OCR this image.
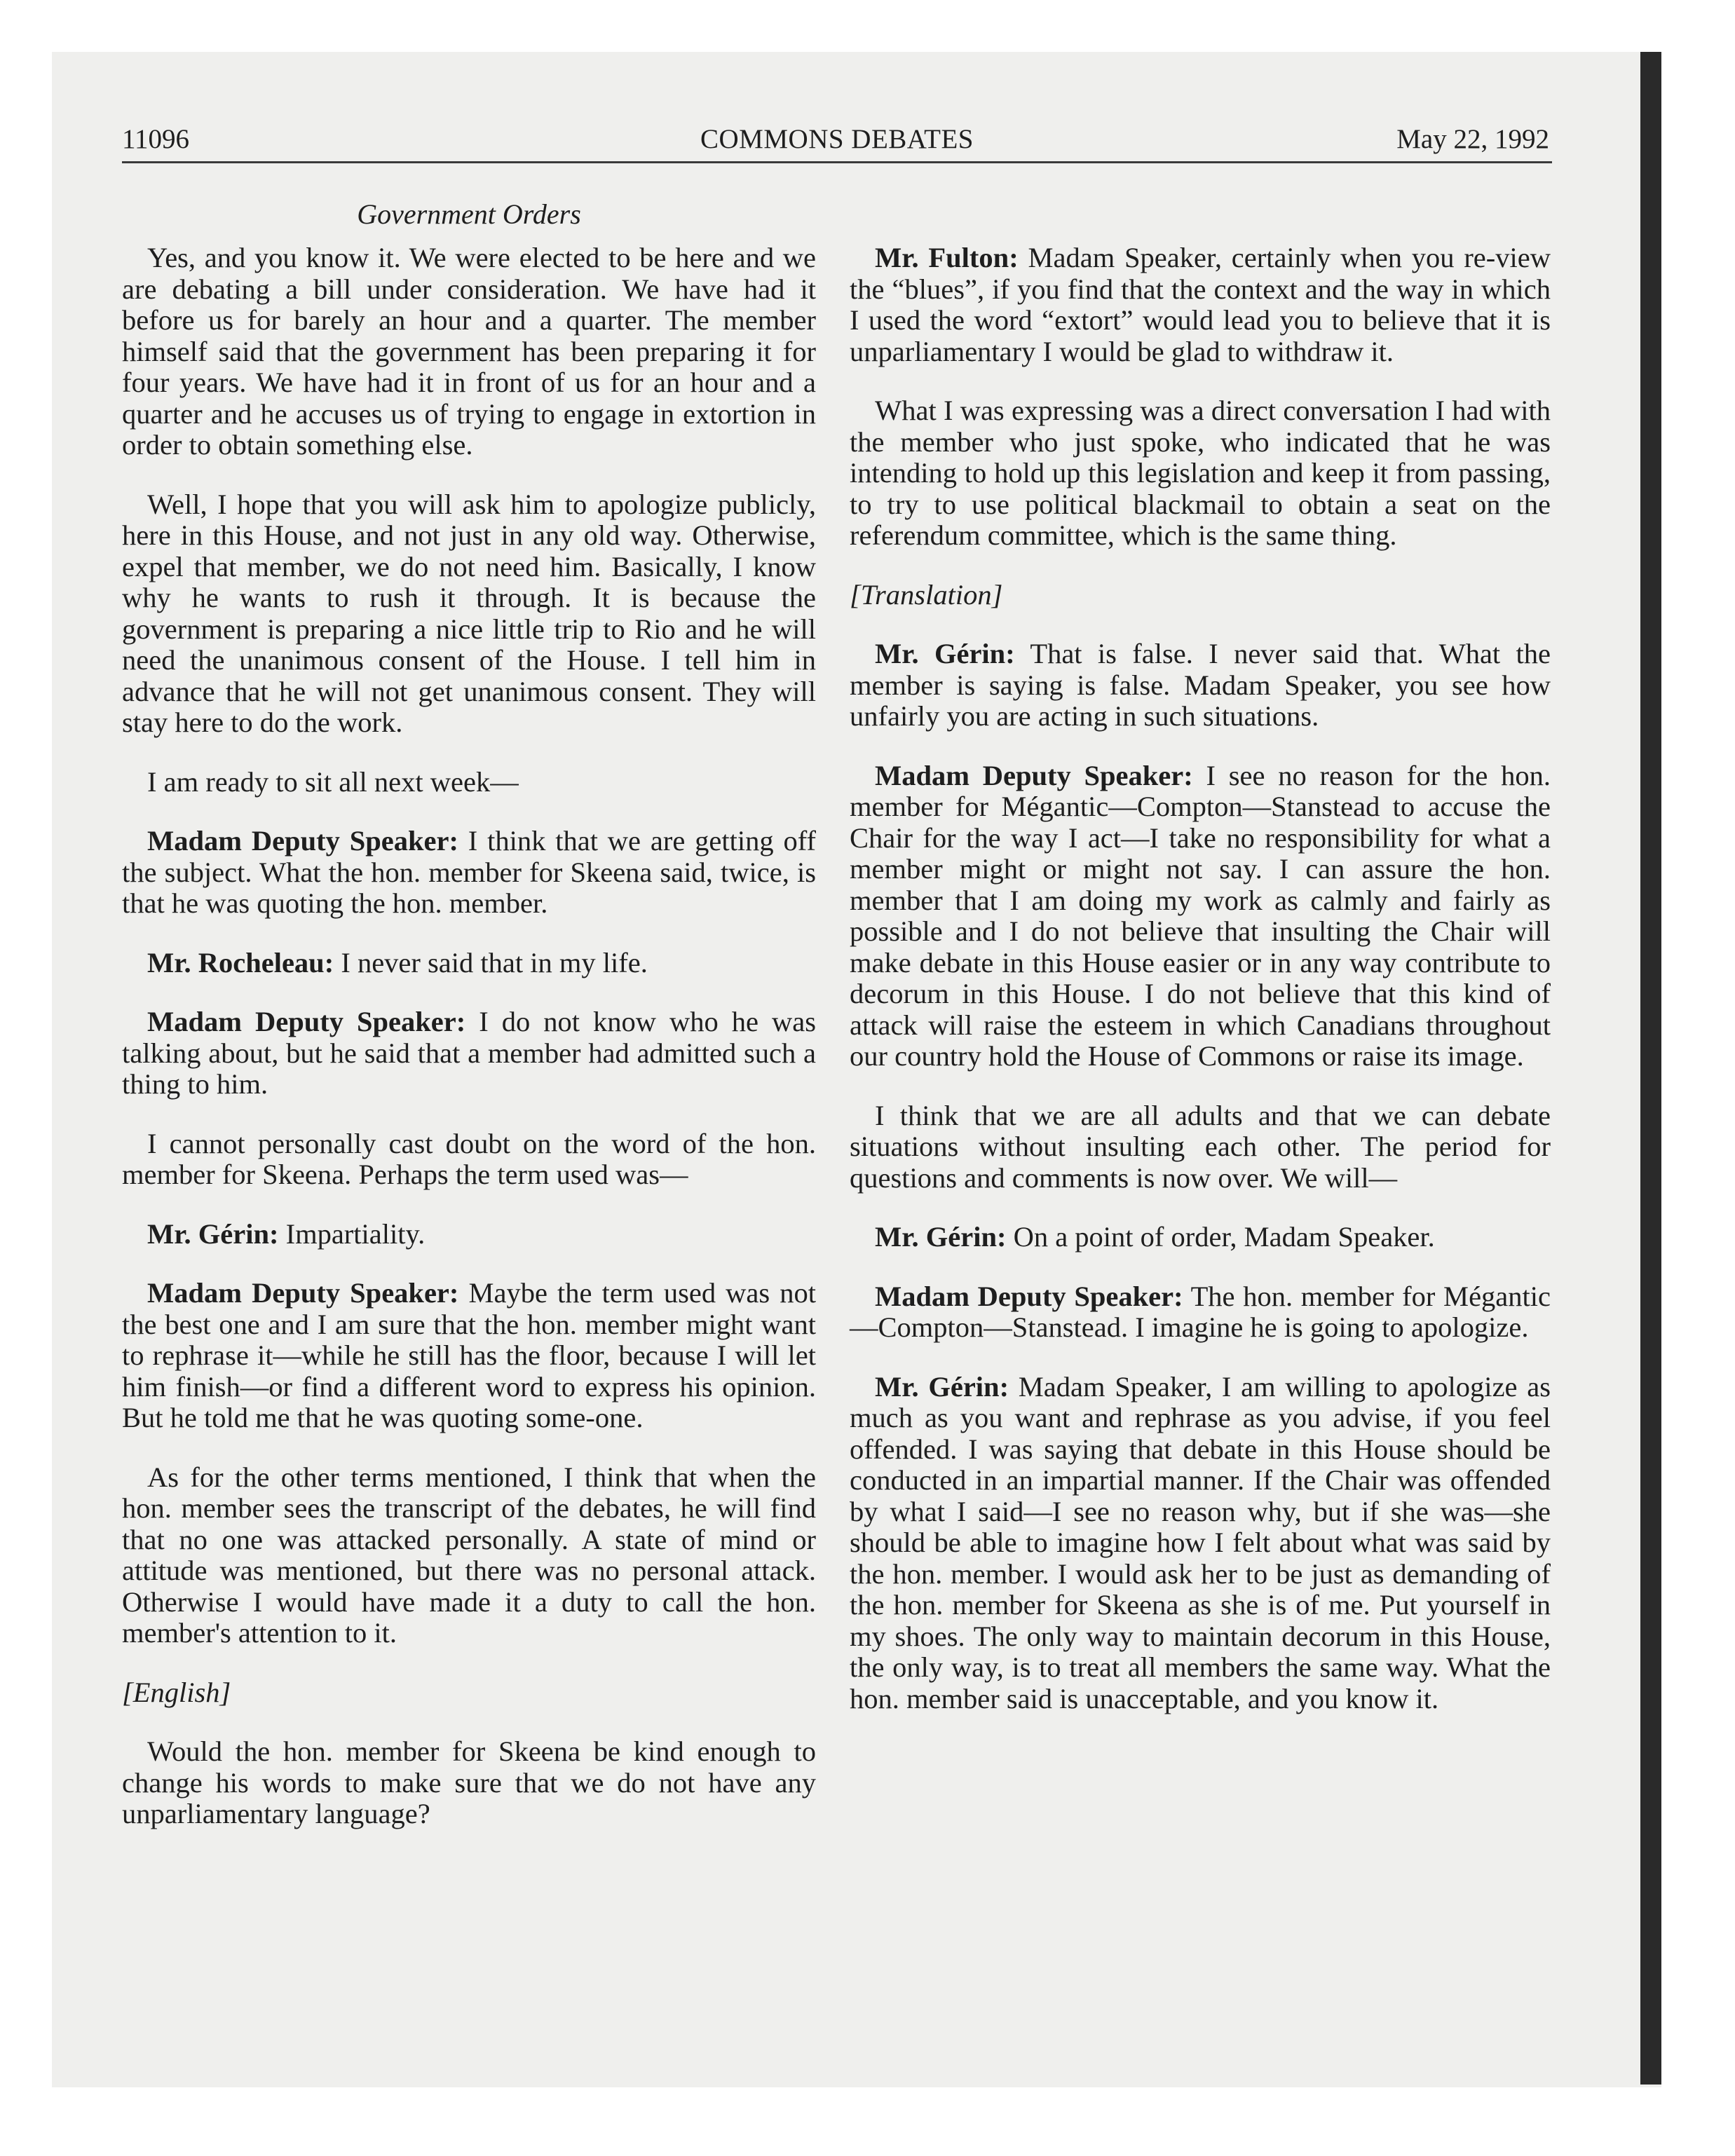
11096	COMMONS DEBATES	May 22, 1992
Government Orders

Yes, and you know it. We were elected to be here and we are debating a bill under consideration. We have had it before us for barely an hour and a quarter. The member himself said that the government has been preparing it for four years. We have had it in front of us for an hour and a quarter and he accuses us of trying to engage in extortion in order to obtain something else.

Well, I hope that you will ask him to apologize publicly, here in this House, and not just in any old way. Otherwise, expel that member, we do not need him. Basically, I know why he wants to rush it through. It is because the government is preparing a nice little trip to Rio and he will need the unanimous consent of the House. I tell him in advance that he will not get unanimous consent. They will stay here to do the work.

I am ready to sit all next week—

Madam Deputy Speaker: I think that we are getting off the subject. What the hon. member for Skeena said, twice, is that he was quoting the hon. member.

Mr. Rocheleau: I never said that in my life.

Madam Deputy Speaker: I do not know who he was talking about, but he said that a member had admitted such a thing to him.

I cannot personally cast doubt on the word of the hon. member for Skeena. Perhaps the term used was—

Mr. Gérin: Impartiality.

Madam Deputy Speaker: Maybe the term used was not the best one and I am sure that the hon. member might want to rephrase it—while he still has the floor, because I will let him finish—or find a different word to express his opinion. But he told me that he was quoting some-one.

As for the other terms mentioned, I think that when the hon. member sees the transcript of the debates, he will find that no one was attacked personally. A state of mind or attitude was mentioned, but there was no personal attack. Otherwise I would have made it a duty to call the hon. member's attention to it.

[English]

Would the hon. member for Skeena be kind enough to change his words to make sure that we do not have any unparliamentary language?

Mr. Fulton: Madam Speaker, certainly when you re-view the “blues”, if you find that the context and the way in which I used the word “extort” would lead you to believe that it is unparliamentary I would be glad to withdraw it.

What I was expressing was a direct conversation I had with the member who just spoke, who indicated that he was intending to hold up this legislation and keep it from passing, to try to use political blackmail to obtain a seat on the referendum committee, which is the same thing.

[Translation]

Mr. Gérin: That is false. I never said that. What the member is saying is false. Madam Speaker, you see how unfairly you are acting in such situations.

Madam Deputy Speaker: I see no reason for the hon. member for Mégantic—Compton—Stanstead to accuse the Chair for the way I act—I take no responsibility for what a member might or might not say. I can assure the hon. member that I am doing my work as calmly and fairly as possible and I do not believe that insulting the Chair will make debate in this House easier or in any way contribute to decorum in this House. I do not believe that this kind of attack will raise the esteem in which Canadians throughout our country hold the House of Commons or raise its image.

I think that we are all adults and that we can debate situations without insulting each other. The period for questions and comments is now over. We will—

Mr. Gérin: On a point of order, Madam Speaker.

Madam Deputy Speaker: The hon. member for Mégantic—Compton—Stanstead. I imagine he is going to apologize.

Mr. Gérin: Madam Speaker, I am willing to apologize as much as you want and rephrase as you advise, if you feel offended. I was saying that debate in this House should be conducted in an impartial manner. If the Chair was offended by what I said—I see no reason why, but if she was—she should be able to imagine how I felt about what was said by the hon. member. I would ask her to be just as demanding of the hon. member for Skeena as she is of me. Put yourself in my shoes. The only way to maintain decorum in this House, the only way, is to treat all members the same way. What the hon. member said is unacceptable, and you know it.
